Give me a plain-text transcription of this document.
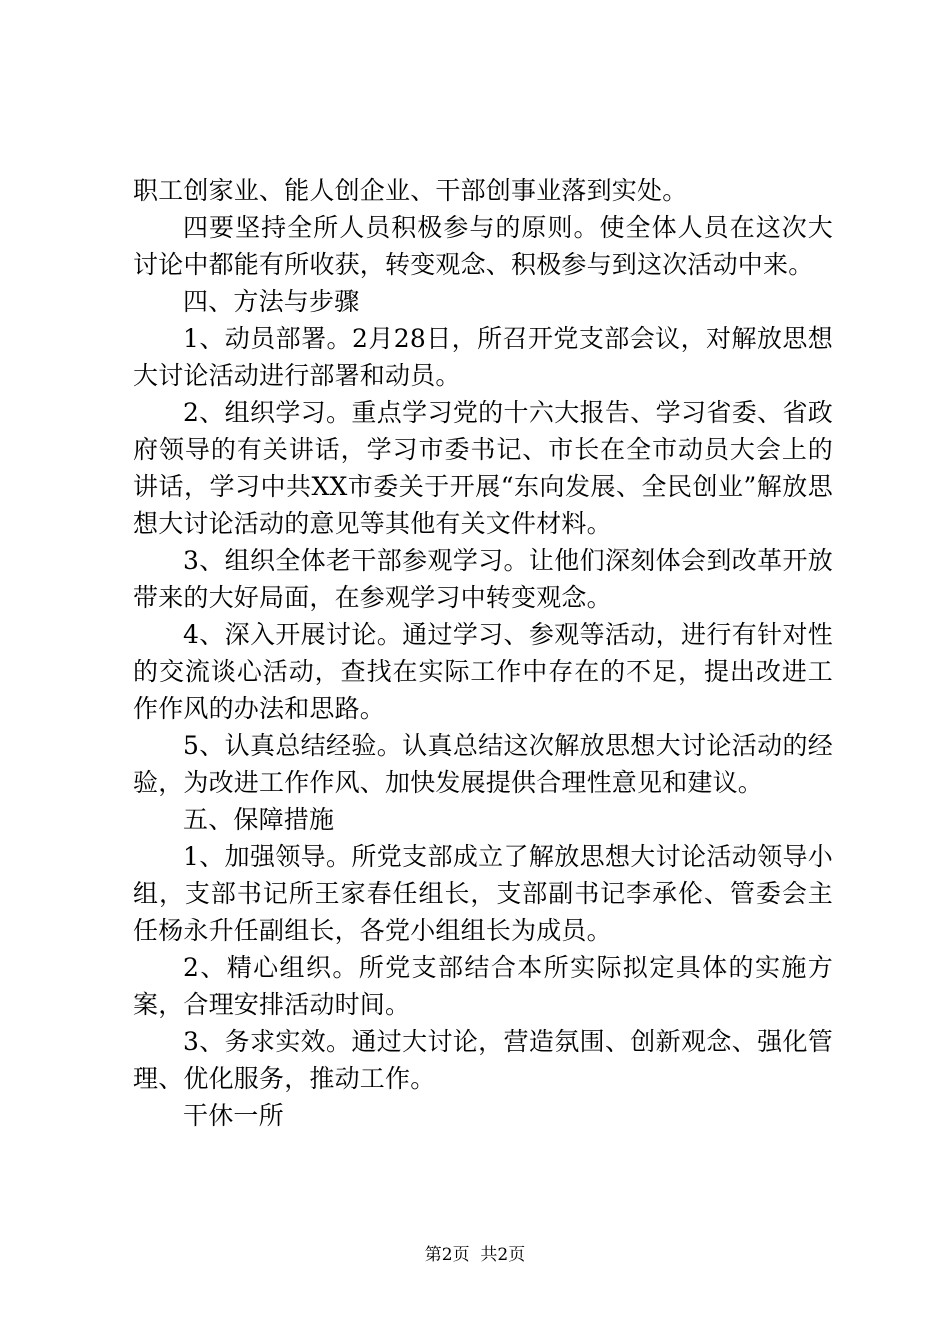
职工创家业、能人创企业、干部创事业落到实处。

四要坚持全所人员积极参与的原则。使全体人员在这次大讨论中都能有所收获，转变观念、积极参与到这次活动中来。

四、方法与步骤

1、动员部署。2月28日，所召开党支部会议，对解放思想大讨论活动进行部署和动员。

2、组织学习。重点学习党的十六大报告、学习省委、省政府领导的有关讲话，学习市委书记、市长在全市动员大会上的讲话，学习中共XX市委关于开展“东向发展、全民创业”解放思想大讨论活动的意见等其他有关文件材料。

3、组织全体老干部参观学习。让他们深刻体会到改革开放带来的大好局面，在参观学习中转变观念。

4、深入开展讨论。通过学习、参观等活动，进行有针对性的交流谈心活动，查找在实际工作中存在的不足，提出改进工作作风的办法和思路。

5、认真总结经验。认真总结这次解放思想大讨论活动的经验，为改进工作作风、加快发展提供合理性意见和建议。

五、保障措施

1、加强领导。所党支部成立了解放思想大讨论活动领导小组，支部书记所王家春任组长，支部副书记李承伦、管委会主任杨永升任副组长，各党小组组长为成员。

2、精心组织。所党支部结合本所实际拟定具体的实施方案，合理安排活动时间。

3、务求实效。通过大讨论，营造氛围、创新观念、强化管理、优化服务，推动工作。

干休一所

第2页  共2页
